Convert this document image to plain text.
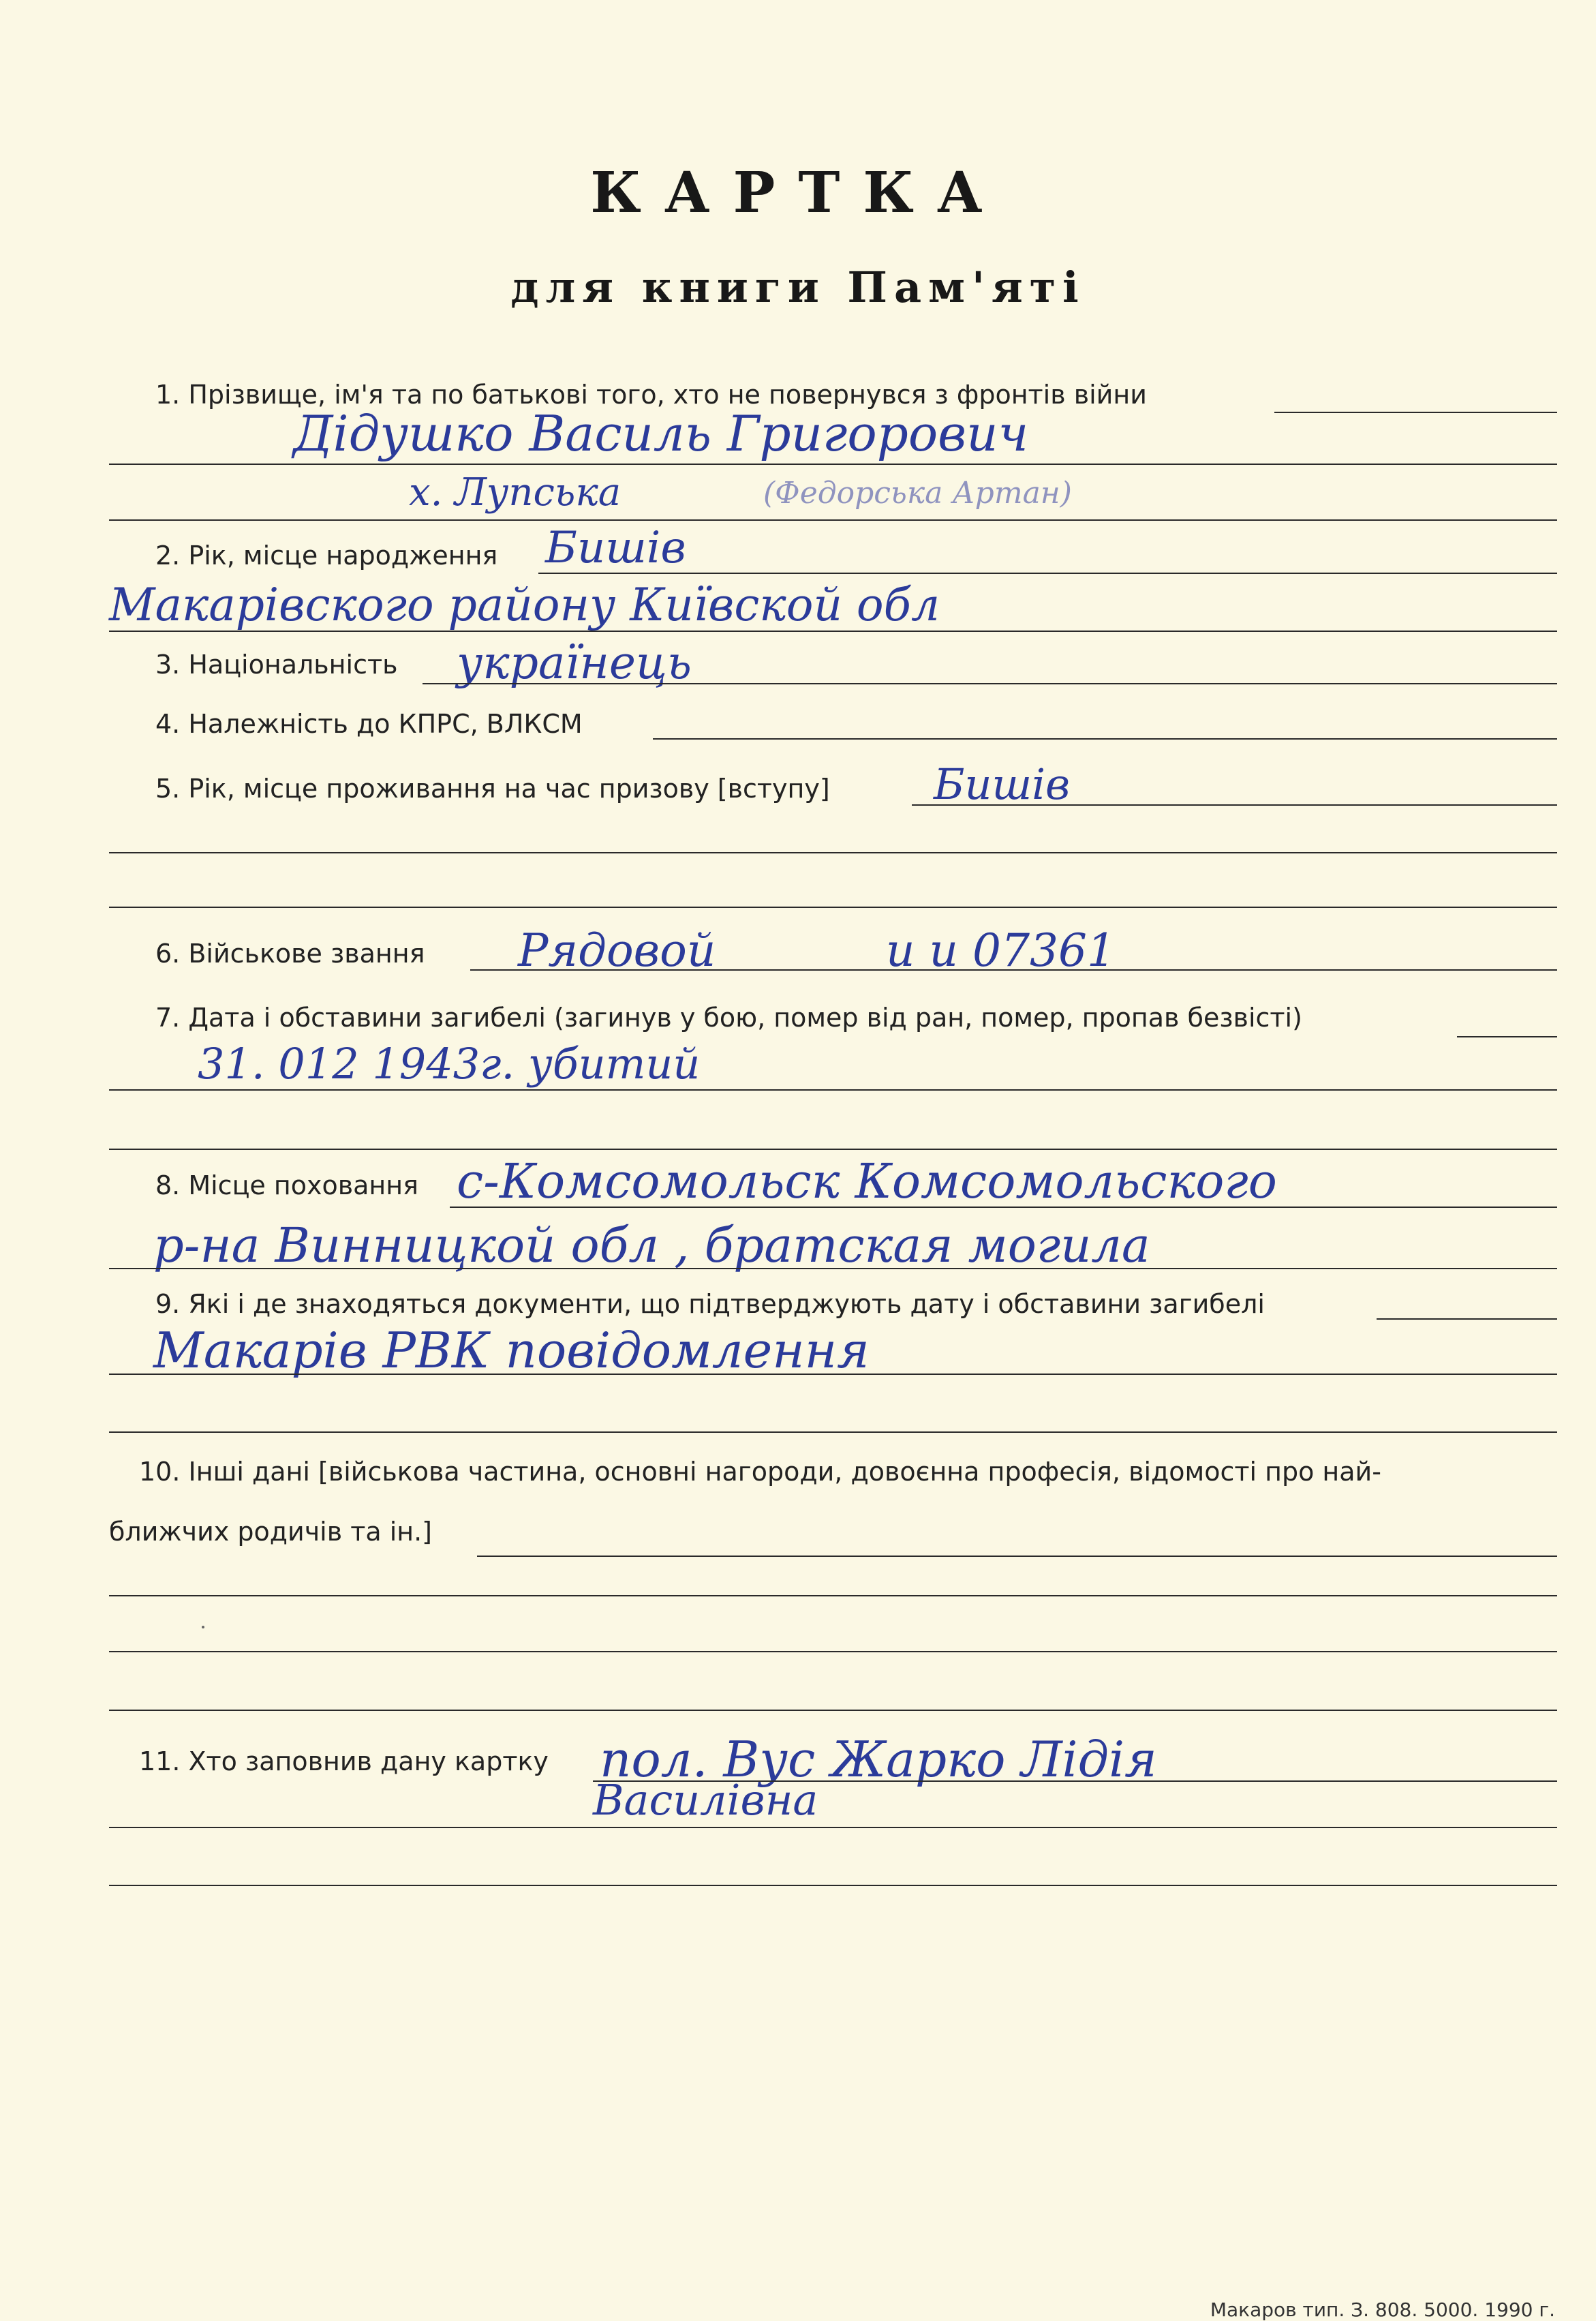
КАРТКА
для книги Пам'яті
1. Прізвище, ім'я та по батькові того, хто не повернувся з фронтів війни
Дідушко Василь Григорович
х. Лупська	(Федорська Артан)
2. Рік, місце народження Бишів
Макарівского району Київской обл
3. Національність українець
4. Належність до КПРС, ВЛКСМ
5. Рік, місце проживання на час призову [вступу] Бишів
6. Військове звання Рядовой	и и 07361
7. Дата і обставини загибелі (загинув у бою, помер від ран, помер, пропав безвісті)
31. 012 1943г. убитий
8. Місце поховання с-Комсомольск Комсомольского
р-на Винницкой обл , братская могила
9. Які і де знаходяться документи, що підтверджують дату і обставини загибелі
Макарів РВК повідомлення
10. Інші дані [військова частина, основні нагороди, довоєнна професія, відомості про най-
ближчих родичів та ін.]
11. Хто заповнив дану картку пол. Вус Жарко Лідія
Василівна
Макаров тип. З. 808. 5000. 1990 г.
